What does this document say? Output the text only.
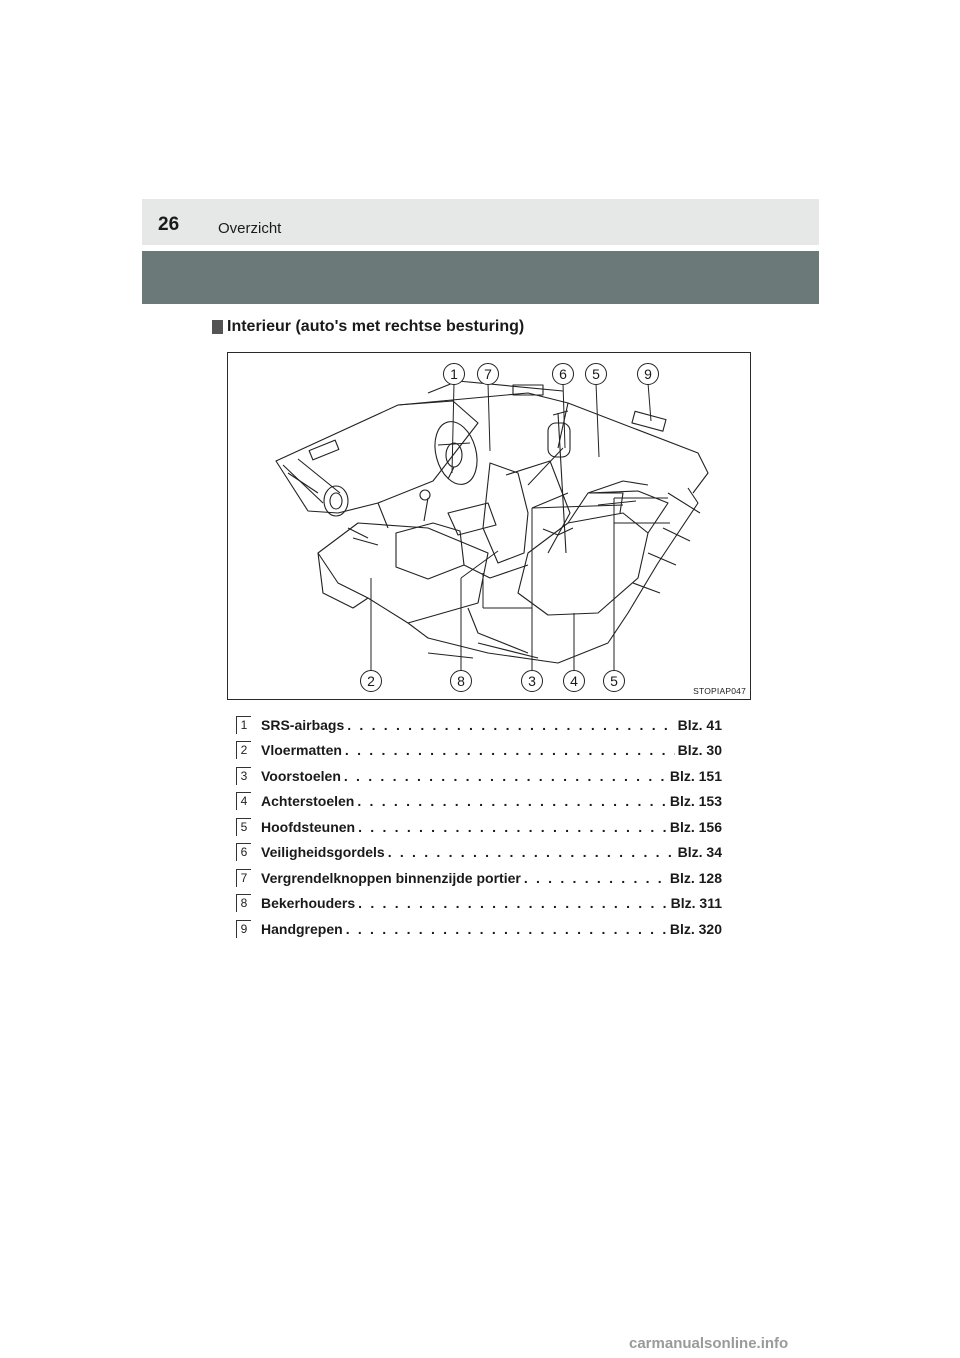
26	Overzicht
Interieur (auto's met rechtse besturing)
1	7	6	5	9
2	8	3	4	5
STOPIAP047
1 SRS-airbags . . .	Blz. 41
2 Vloermatten . . .	Blz. 30
3 Voorstoelen . . .	Blz. 151
4 Achterstoelen . . .	Blz. 153
5 Hoofdsteunen . . .	Blz. 156
6 Veiligheidsgordels . . .	Blz. 34
7 Vergrendelknoppen binnenzijde portier . . .	Blz. 128
8 Bekerhouders . . .	Blz. 311
9 Handgrepen . . .	Blz. 320
carmanualsonline.info
